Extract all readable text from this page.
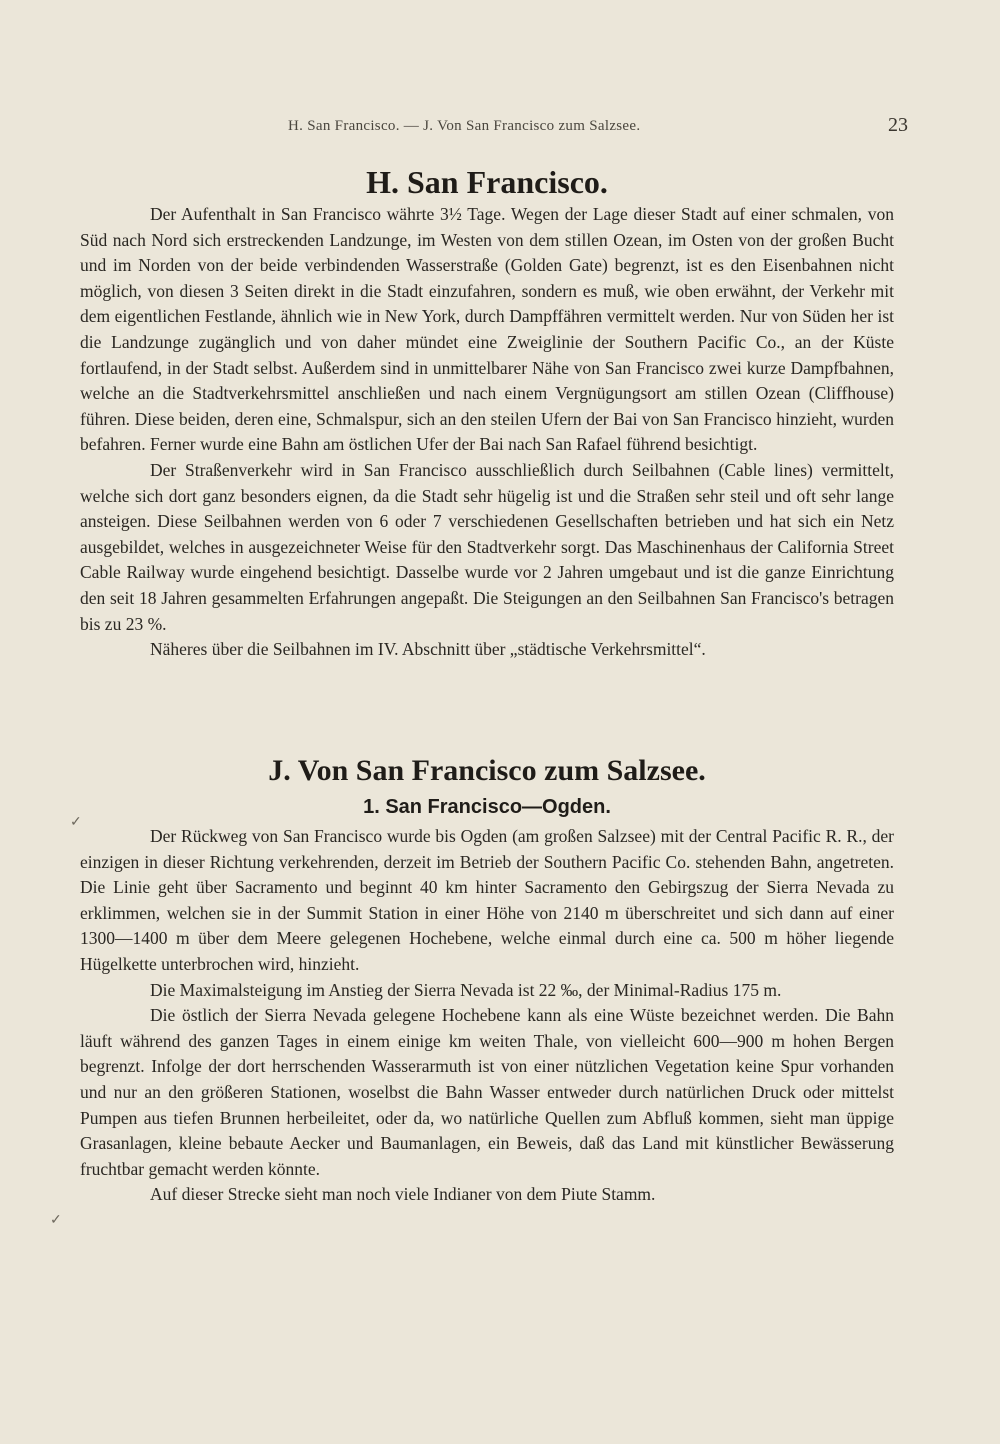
H. San Francisco. — J. Von San Francisco zum Salzsee.	23
H. San Francisco.

Der Aufenthalt in San Francisco währte 3½ Tage. Wegen der Lage dieser Stadt auf einer schmalen, von Süd nach Nord sich erstreckenden Landzunge, im Westen von dem stillen Ozean, im Osten von der großen Bucht und im Norden von der beide verbindenden Wasserstraße (Golden Gate) begrenzt, ist es den Eisenbahnen nicht möglich, von diesen 3 Seiten direkt in die Stadt einzufahren, sondern es muß, wie oben erwähnt, der Verkehr mit dem eigentlichen Festlande, ähnlich wie in New York, durch Dampffähren vermittelt werden. Nur von Süden her ist die Landzunge zugänglich und von daher mündet eine Zweiglinie der Southern Pacific Co., an der Küste fortlaufend, in der Stadt selbst. Außerdem sind in unmittelbarer Nähe von San Francisco zwei kurze Dampfbahnen, welche an die Stadtverkehrsmittel anschließen und nach einem Vergnügungsort am stillen Ozean (Cliffhouse) führen. Diese beiden, deren eine, Schmalspur, sich an den steilen Ufern der Bai von San Francisco hinzieht, wurden befahren. Ferner wurde eine Bahn am östlichen Ufer der Bai nach San Rafael führend besichtigt.

Der Straßenverkehr wird in San Francisco ausschließlich durch Seilbahnen (Cable lines) vermittelt, welche sich dort ganz besonders eignen, da die Stadt sehr hügelig ist und die Straßen sehr steil und oft sehr lange ansteigen. Diese Seilbahnen werden von 6 oder 7 verschiedenen Gesellschaften betrieben und hat sich ein Netz ausgebildet, welches in ausgezeichneter Weise für den Stadtverkehr sorgt. Das Maschinenhaus der California Street Cable Railway wurde eingehend besichtigt. Dasselbe wurde vor 2 Jahren umgebaut und ist die ganze Einrichtung den seit 18 Jahren gesammelten Erfahrungen angepaßt. Die Steigungen an den Seilbahnen San Francisco's betragen bis zu 23 %.

Näheres über die Seilbahnen im IV. Abschnitt über „städtische Verkehrsmittel“.

J. Von San Francisco zum Salzsee.
1. San Francisco—Ogden.

Der Rückweg von San Francisco wurde bis Ogden (am großen Salzsee) mit der Central Pacific R. R., der einzigen in dieser Richtung verkehrenden, derzeit im Betrieb der Southern Pacific Co. stehenden Bahn, angetreten. Die Linie geht über Sacramento und beginnt 40 km hinter Sacramento den Gebirgszug der Sierra Nevada zu erklimmen, welchen sie in der Summit Station in einer Höhe von 2140 m überschreitet und sich dann auf einer 1300—1400 m über dem Meere gelegenen Hochebene, welche einmal durch eine ca. 500 m höher liegende Hügelkette unterbrochen wird, hinzieht.

Die Maximalsteigung im Anstieg der Sierra Nevada ist 22 ‰, der Minimal-Radius 175 m.

Die östlich der Sierra Nevada gelegene Hochebene kann als eine Wüste bezeichnet werden. Die Bahn läuft während des ganzen Tages in einem einige km weiten Thale, von vielleicht 600—900 m hohen Bergen begrenzt. Infolge der dort herrschenden Wasserarmuth ist von einer nützlichen Vegetation keine Spur vorhanden und nur an den größeren Stationen, woselbst die Bahn Wasser entweder durch natürlichen Druck oder mittelst Pumpen aus tiefen Brunnen herbeileitet, oder da, wo natürliche Quellen zum Abfluß kommen, sieht man üppige Grasanlagen, kleine bebaute Aecker und Baumanlagen, ein Beweis, daß das Land mit künstlicher Bewässerung fruchtbar gemacht werden könnte.

Auf dieser Strecke sieht man noch viele Indianer von dem Piute Stamm.

✓
✓
